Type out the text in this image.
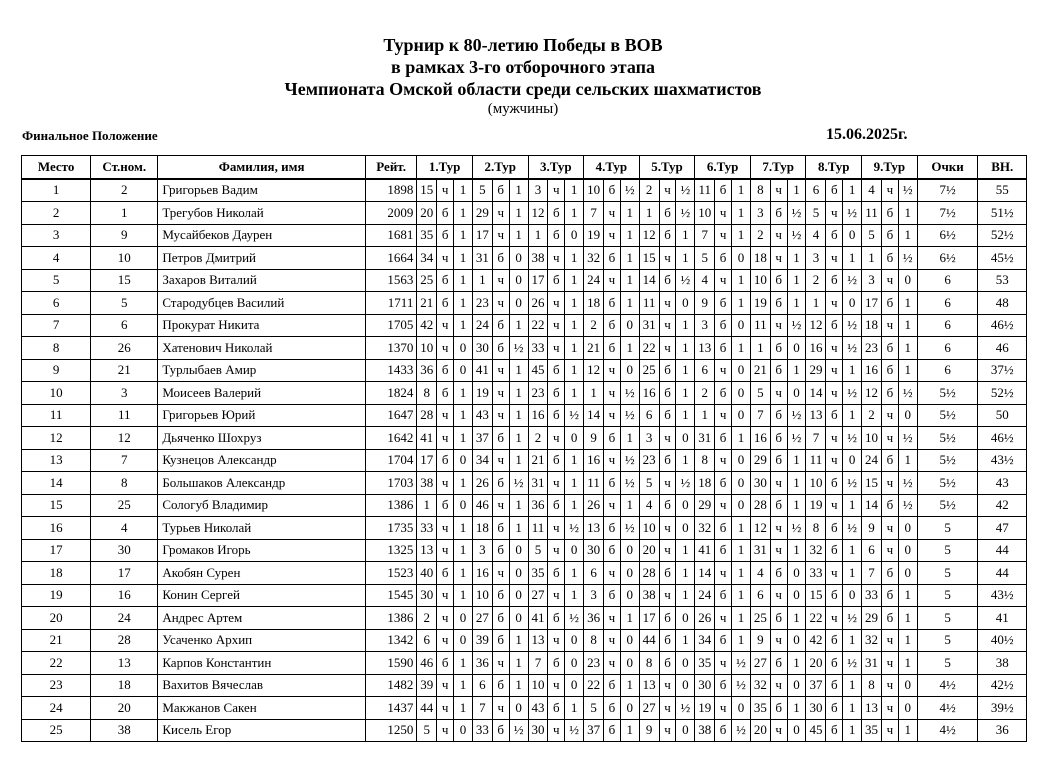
Турнир к 80-летию Победы в ВОВ
в рамках 3-го отборочного этапа
Чемпионата Омской области среди сельских шахматистов
(мужчины)
Финальное Положение	15.06.2025г.
Место	Ст.ном.	Фамилия, имя	Рейт.	1.Тур			2.Тур			3.Тур			4.Тур			5.Тур			6.Тур			7.Тур			8.Тур			9.Тур			Очки	ВН.
1	2	Григорьев Вадим	1898	15	ч	1	5	б	1	3	ч	1	10	б	½	2	ч	½	11	б	1	8	ч	1	6	б	1	4	ч	½	7½	55
2	1	Трегубов Николай	2009	20	б	1	29	ч	1	12	б	1	7	ч	1	1	б	½	10	ч	1	3	б	½	5	ч	½	11	б	1	7½	51½
3	9	Мусайбеков Даурен	1681	35	б	1	17	ч	1	1	б	0	19	ч	1	12	б	1	7	ч	1	2	ч	½	4	б	0	5	б	1	6½	52½
4	10	Петров Дмитрий	1664	34	ч	1	31	б	0	38	ч	1	32	б	1	15	ч	1	5	б	0	18	ч	1	3	ч	1	1	б	½	6½	45½
5	15	Захаров Виталий	1563	25	б	1	1	ч	0	17	б	1	24	ч	1	14	б	½	4	ч	1	10	б	1	2	б	½	3	ч	0	6	53
6	5	Стародубцев Василий	1711	21	б	1	23	ч	0	26	ч	1	18	б	1	11	ч	0	9	б	1	19	б	1	1	ч	0	17	б	1	6	48
7	6	Прокурат Никита	1705	42	ч	1	24	б	1	22	ч	1	2	б	0	31	ч	1	3	б	0	11	ч	½	12	б	½	18	ч	1	6	46½
8	26	Хатенович Николай	1370	10	ч	0	30	б	½	33	ч	1	21	б	1	22	ч	1	13	б	1	1	б	0	16	ч	½	23	б	1	6	46
9	21	Турлыбаев Амир	1433	36	б	0	41	ч	1	45	б	1	12	ч	0	25	б	1	6	ч	0	21	б	1	29	ч	1	16	б	1	6	37½
10	3	Моисеев Валерий	1824	8	б	1	19	ч	1	23	б	1	1	ч	½	16	б	1	2	б	0	5	ч	0	14	ч	½	12	б	½	5½	52½
11	11	Григорьев Юрий	1647	28	ч	1	43	ч	1	16	б	½	14	ч	½	6	б	1	1	ч	0	7	б	½	13	б	1	2	ч	0	5½	50
12	12	Дьяченко Шохруз	1642	41	ч	1	37	б	1	2	ч	0	9	б	1	3	ч	0	31	б	1	16	б	½	7	ч	½	10	ч	½	5½	46½
13	7	Кузнецов Александр	1704	17	б	0	34	ч	1	21	б	1	16	ч	½	23	б	1	8	ч	0	29	б	1	11	ч	0	24	б	1	5½	43½
14	8	Большаков Александр	1703	38	ч	1	26	б	½	31	ч	1	11	б	½	5	ч	½	18	б	0	30	ч	1	10	б	½	15	ч	½	5½	43
15	25	Сологуб Владимир	1386	1	б	0	46	ч	1	36	б	1	26	ч	1	4	б	0	29	ч	0	28	б	1	19	ч	1	14	б	½	5½	42
16	4	Турьев Николай	1735	33	ч	1	18	б	1	11	ч	½	13	б	½	10	ч	0	32	б	1	12	ч	½	8	б	½	9	ч	0	5	47
17	30	Громаков Игорь	1325	13	ч	1	3	б	0	5	ч	0	30	б	0	20	ч	1	41	б	1	31	ч	1	32	б	1	6	ч	0	5	44
18	17	Акобян Сурен	1523	40	б	1	16	ч	0	35	б	1	6	ч	0	28	б	1	14	ч	1	4	б	0	33	ч	1	7	б	0	5	44
19	16	Конин Сергей	1545	30	ч	1	10	б	0	27	ч	1	3	б	0	38	ч	1	24	б	1	6	ч	0	15	б	0	33	б	1	5	43½
20	24	Андрес Артем	1386	2	ч	0	27	б	0	41	б	½	36	ч	1	17	б	0	26	ч	1	25	б	1	22	ч	½	29	б	1	5	41
21	28	Усаченко Архип	1342	6	ч	0	39	б	1	13	ч	0	8	ч	0	44	б	1	34	б	1	9	ч	0	42	б	1	32	ч	1	5	40½
22	13	Карпов Константин	1590	46	б	1	36	ч	1	7	б	0	23	ч	0	8	б	0	35	ч	½	27	б	1	20	б	½	31	ч	1	5	38
23	18	Вахитов Вячеслав	1482	39	ч	1	6	б	1	10	ч	0	22	б	1	13	ч	0	30	б	½	32	ч	0	37	б	1	8	ч	0	4½	42½
24	20	Макжанов Сакен	1437	44	ч	1	7	ч	0	43	б	1	5	б	0	27	ч	½	19	ч	0	35	б	1	30	б	1	13	ч	0	4½	39½
25	38	Кисель Егор	1250	5	ч	0	33	б	½	30	ч	½	37	б	1	9	ч	0	38	б	½	20	ч	0	45	б	1	35	ч	1	4½	36
